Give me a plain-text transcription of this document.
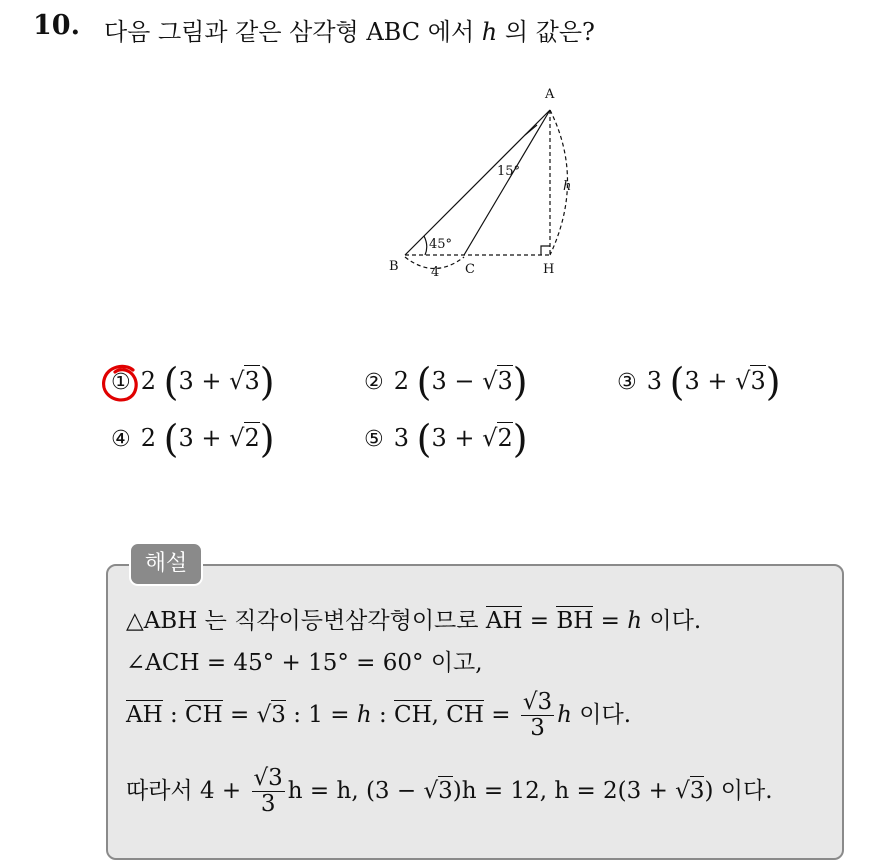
10. 다음 그림과 같은 삼각형 ABC 에서 h 의 값은?
A
B	C	H
45°
15°
4
h
① 2 (3 + √3)	② 2 (3 − √3)	③ 3 (3 + √3)
④ 2 (3 + √2)	⑤ 3 (3 + √2)
해설
△ABH 는 직각이등변삼각형이므로 AH = BH = h 이다.
∠ACH = 45° + 15° = 60° 이고,
AH : CH = √3 : 1 = h : CH, CH = $\frac{√3}{3}$ h 이다.
따라서 $4 + \frac{√3}{3}$ h = h, (3 − √3)h = 12, h = 2(3 + √3) 이다.
